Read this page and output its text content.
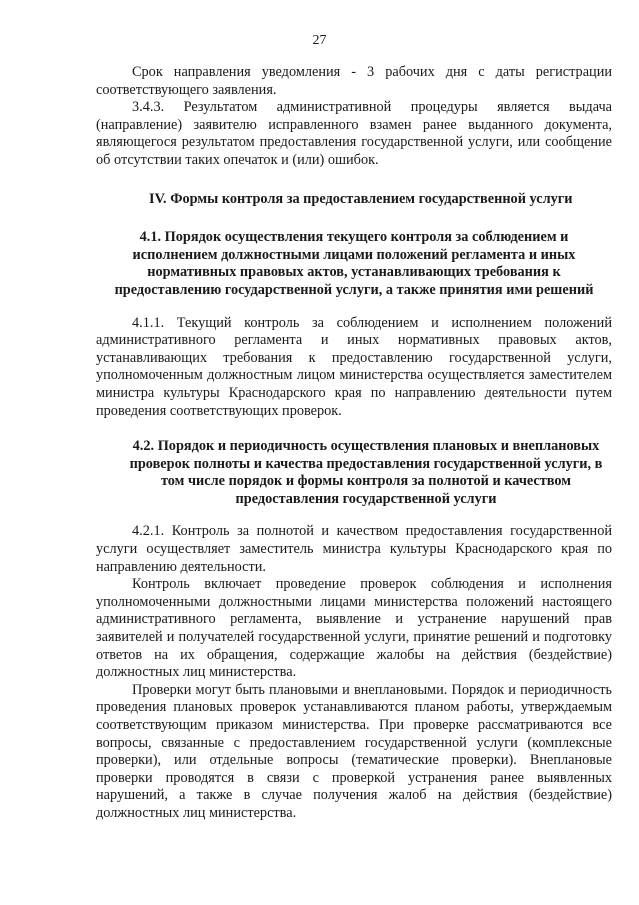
27

Срок направления уведомления - 3 рабочих дня с даты регистрации соответствующего заявления.

3.4.3. Результатом административной процедуры является выдача (направление) заявителю исправленного взамен ранее выданного документа, являющегося результатом предоставления государственной услуги, или сообщение об отсутствии таких опечаток и (или) ошибок.

IV. Формы контроля за предоставлением государственной услуги
4.1. Порядок осуществления текущего контроля за соблюдением и исполнением должностными лицами положений регламента и иных нормативных правовых актов, устанавливающих требования к предоставлению государственной услуги, а также принятия ими решений

4.1.1. Текущий контроль за соблюдением и исполнением положений административного регламента и иных нормативных правовых актов, устанавливающих требования к предоставлению государственной услуги, уполномоченным должностным лицом министерства осуществляется заместителем министра культуры Краснодарского края по направлению деятельности путем проведения соответствующих проверок.

4.2. Порядок и периодичность осуществления плановых и внеплановых проверок полноты и качества предоставления государственной услуги, в том числе порядок и формы контроля за полнотой и качеством предоставления государственной услуги

4.2.1. Контроль за полнотой и качеством предоставления государственной услуги осуществляет заместитель министра культуры Краснодарского края по направлению деятельности.

Контроль включает проведение проверок соблюдения и исполнения уполномоченными должностными лицами министерства положений настоящего административного регламента, выявление и устранение нарушений прав заявителей и получателей государственной услуги, принятие решений и подготовку ответов на их обращения, содержащие жалобы на действия (бездействие) должностных лиц министерства.

Проверки могут быть плановыми и внеплановыми. Порядок и периодичность проведения плановых проверок устанавливаются планом работы, утверждаемым соответствующим приказом министерства. При проверке рассматриваются все вопросы, связанные с предоставлением государственной услуги (комплексные проверки), или отдельные вопросы (тематические проверки). Внеплановые проверки проводятся в связи с проверкой устранения ранее выявленных нарушений, а также в случае получения жалоб на действия (бездействие) должностных лиц министерства.
